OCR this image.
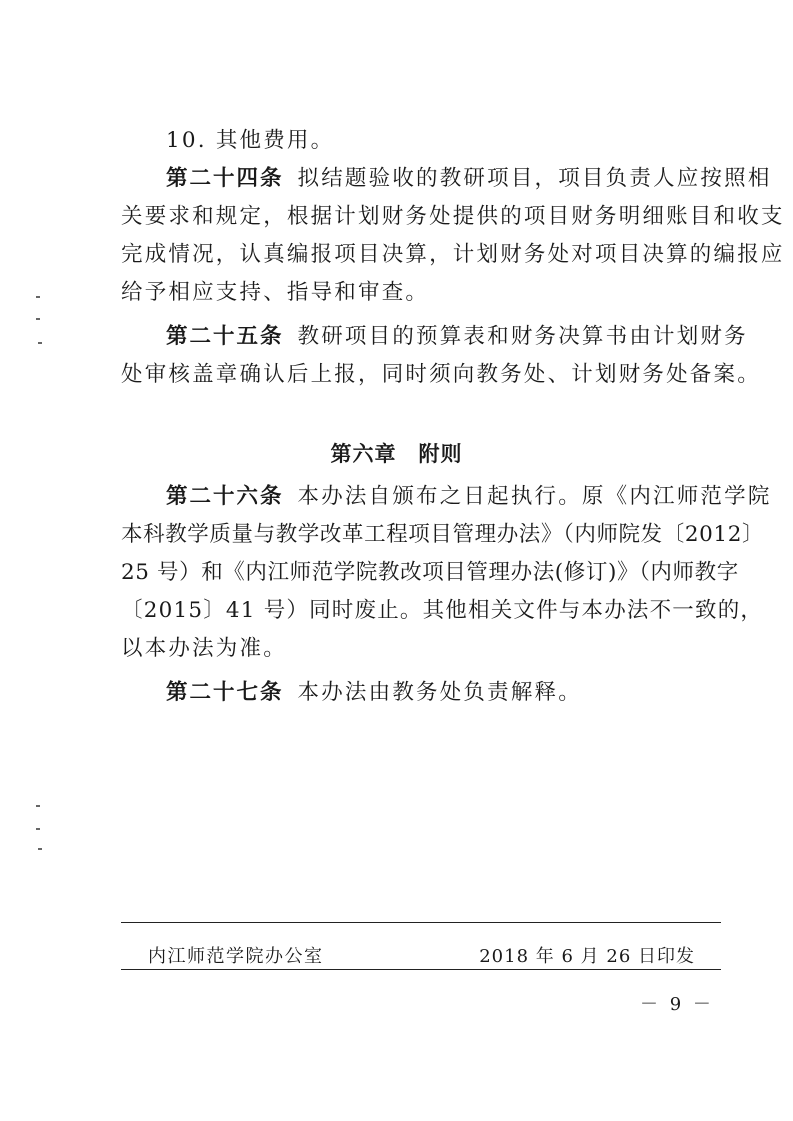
10. 其他费用。
第二十四条 拟结题验收的教研项目，项目负责人应按照相
关要求和规定，根据计划财务处提供的项目财务明细账目和收支
完成情况，认真编报项目决算，计划财务处对项目决算的编报应
给予相应支持、指导和审查。
第二十五条 教研项目的预算表和财务决算书由计划财务
处审核盖章确认后上报，同时须向教务处、计划财务处备案。
第六章 附则
第二十六条 本办法自颁布之日起执行。原《内江师范学院
本科教学质量与教学改革工程项目管理办法》（内师院发〔2012〕
25 号）和《内江师范学院教改项目管理办法(修订)》（内师教字
〔2015〕41 号）同时废止。其他相关文件与本办法不一致的，
以本办法为准。
第二十七条 本办法由教务处负责解释。
内江师范学院办公室	2018 年 6 月 26 日印发
－ 9 －
